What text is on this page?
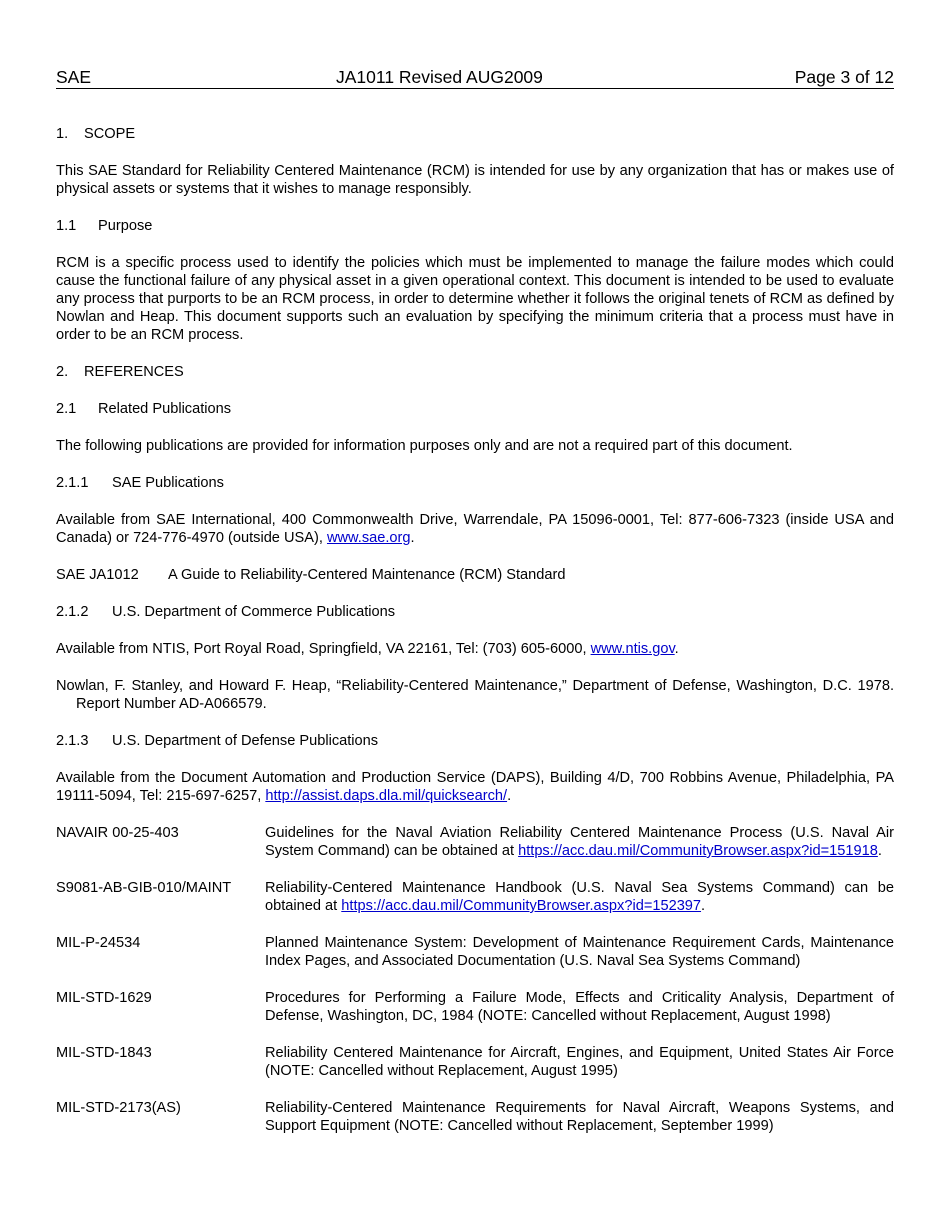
SAE	JA1011 Revised AUG2009	Page 3 of 12
1. SCOPE

This SAE Standard for Reliability Centered Maintenance (RCM) is intended for use by any organization that has or makes use of physical assets or systems that it wishes to manage responsibly.

1.1 Purpose

RCM is a specific process used to identify the policies which must be implemented to manage the failure modes which could cause the functional failure of any physical asset in a given operational context. This document is intended to be used to evaluate any process that purports to be an RCM process, in order to determine whether it follows the original tenets of RCM as defined by Nowlan and Heap. This document supports such an evaluation by specifying the minimum criteria that a process must have in order to be an RCM process.

2. REFERENCES
2.1 Related Publications

The following publications are provided for information purposes only and are not a required part of this document.

2.1.1 SAE Publications

Available from SAE International, 400 Commonwealth Drive, Warrendale, PA 15096-0001, Tel: 877-606-7323 (inside USA and Canada) or 724-776-4970 (outside USA), www.sae.org.

SAE JA1012 A Guide to Reliability-Centered Maintenance (RCM) Standard

2.1.2 U.S. Department of Commerce Publications

Available from NTIS, Port Royal Road, Springfield, VA 22161, Tel: (703) 605-6000, www.ntis.gov.

Nowlan, F. Stanley, and Howard F. Heap, “Reliability-Centered Maintenance,” Department of Defense, Washington, D.C. 1978. Report Number AD-A066579.

2.1.3 U.S. Department of Defense Publications

Available from the Document Automation and Production Service (DAPS), Building 4/D, 700 Robbins Avenue, Philadelphia, PA 19111-5094, Tel: 215-697-6257, http://assist.daps.dla.mil/quicksearch/.

NAVAIR 00-25-403	Guidelines for the Naval Aviation Reliability Centered Maintenance Process (U.S. Naval Air System Command) can be obtained at https://acc.dau.mil/CommunityBrowser.aspx?id=151918.
S9081-AB-GIB-010/MAINT	Reliability-Centered Maintenance Handbook (U.S. Naval Sea Systems Command) can be obtained at https://acc.dau.mil/CommunityBrowser.aspx?id=152397.
MIL-P-24534	Planned Maintenance System: Development of Maintenance Requirement Cards, Maintenance Index Pages, and Associated Documentation (U.S. Naval Sea Systems Command)
MIL-STD-1629	Procedures for Performing a Failure Mode, Effects and Criticality Analysis, Department of Defense, Washington, DC, 1984 (NOTE: Cancelled without Replacement, August 1998)
MIL-STD-1843	Reliability Centered Maintenance for Aircraft, Engines, and Equipment, United States Air Force (NOTE: Cancelled without Replacement, August 1995)
MIL-STD-2173(AS)	Reliability-Centered Maintenance Requirements for Naval Aircraft, Weapons Systems, and Support Equipment (NOTE: Cancelled without Replacement, September 1999)
